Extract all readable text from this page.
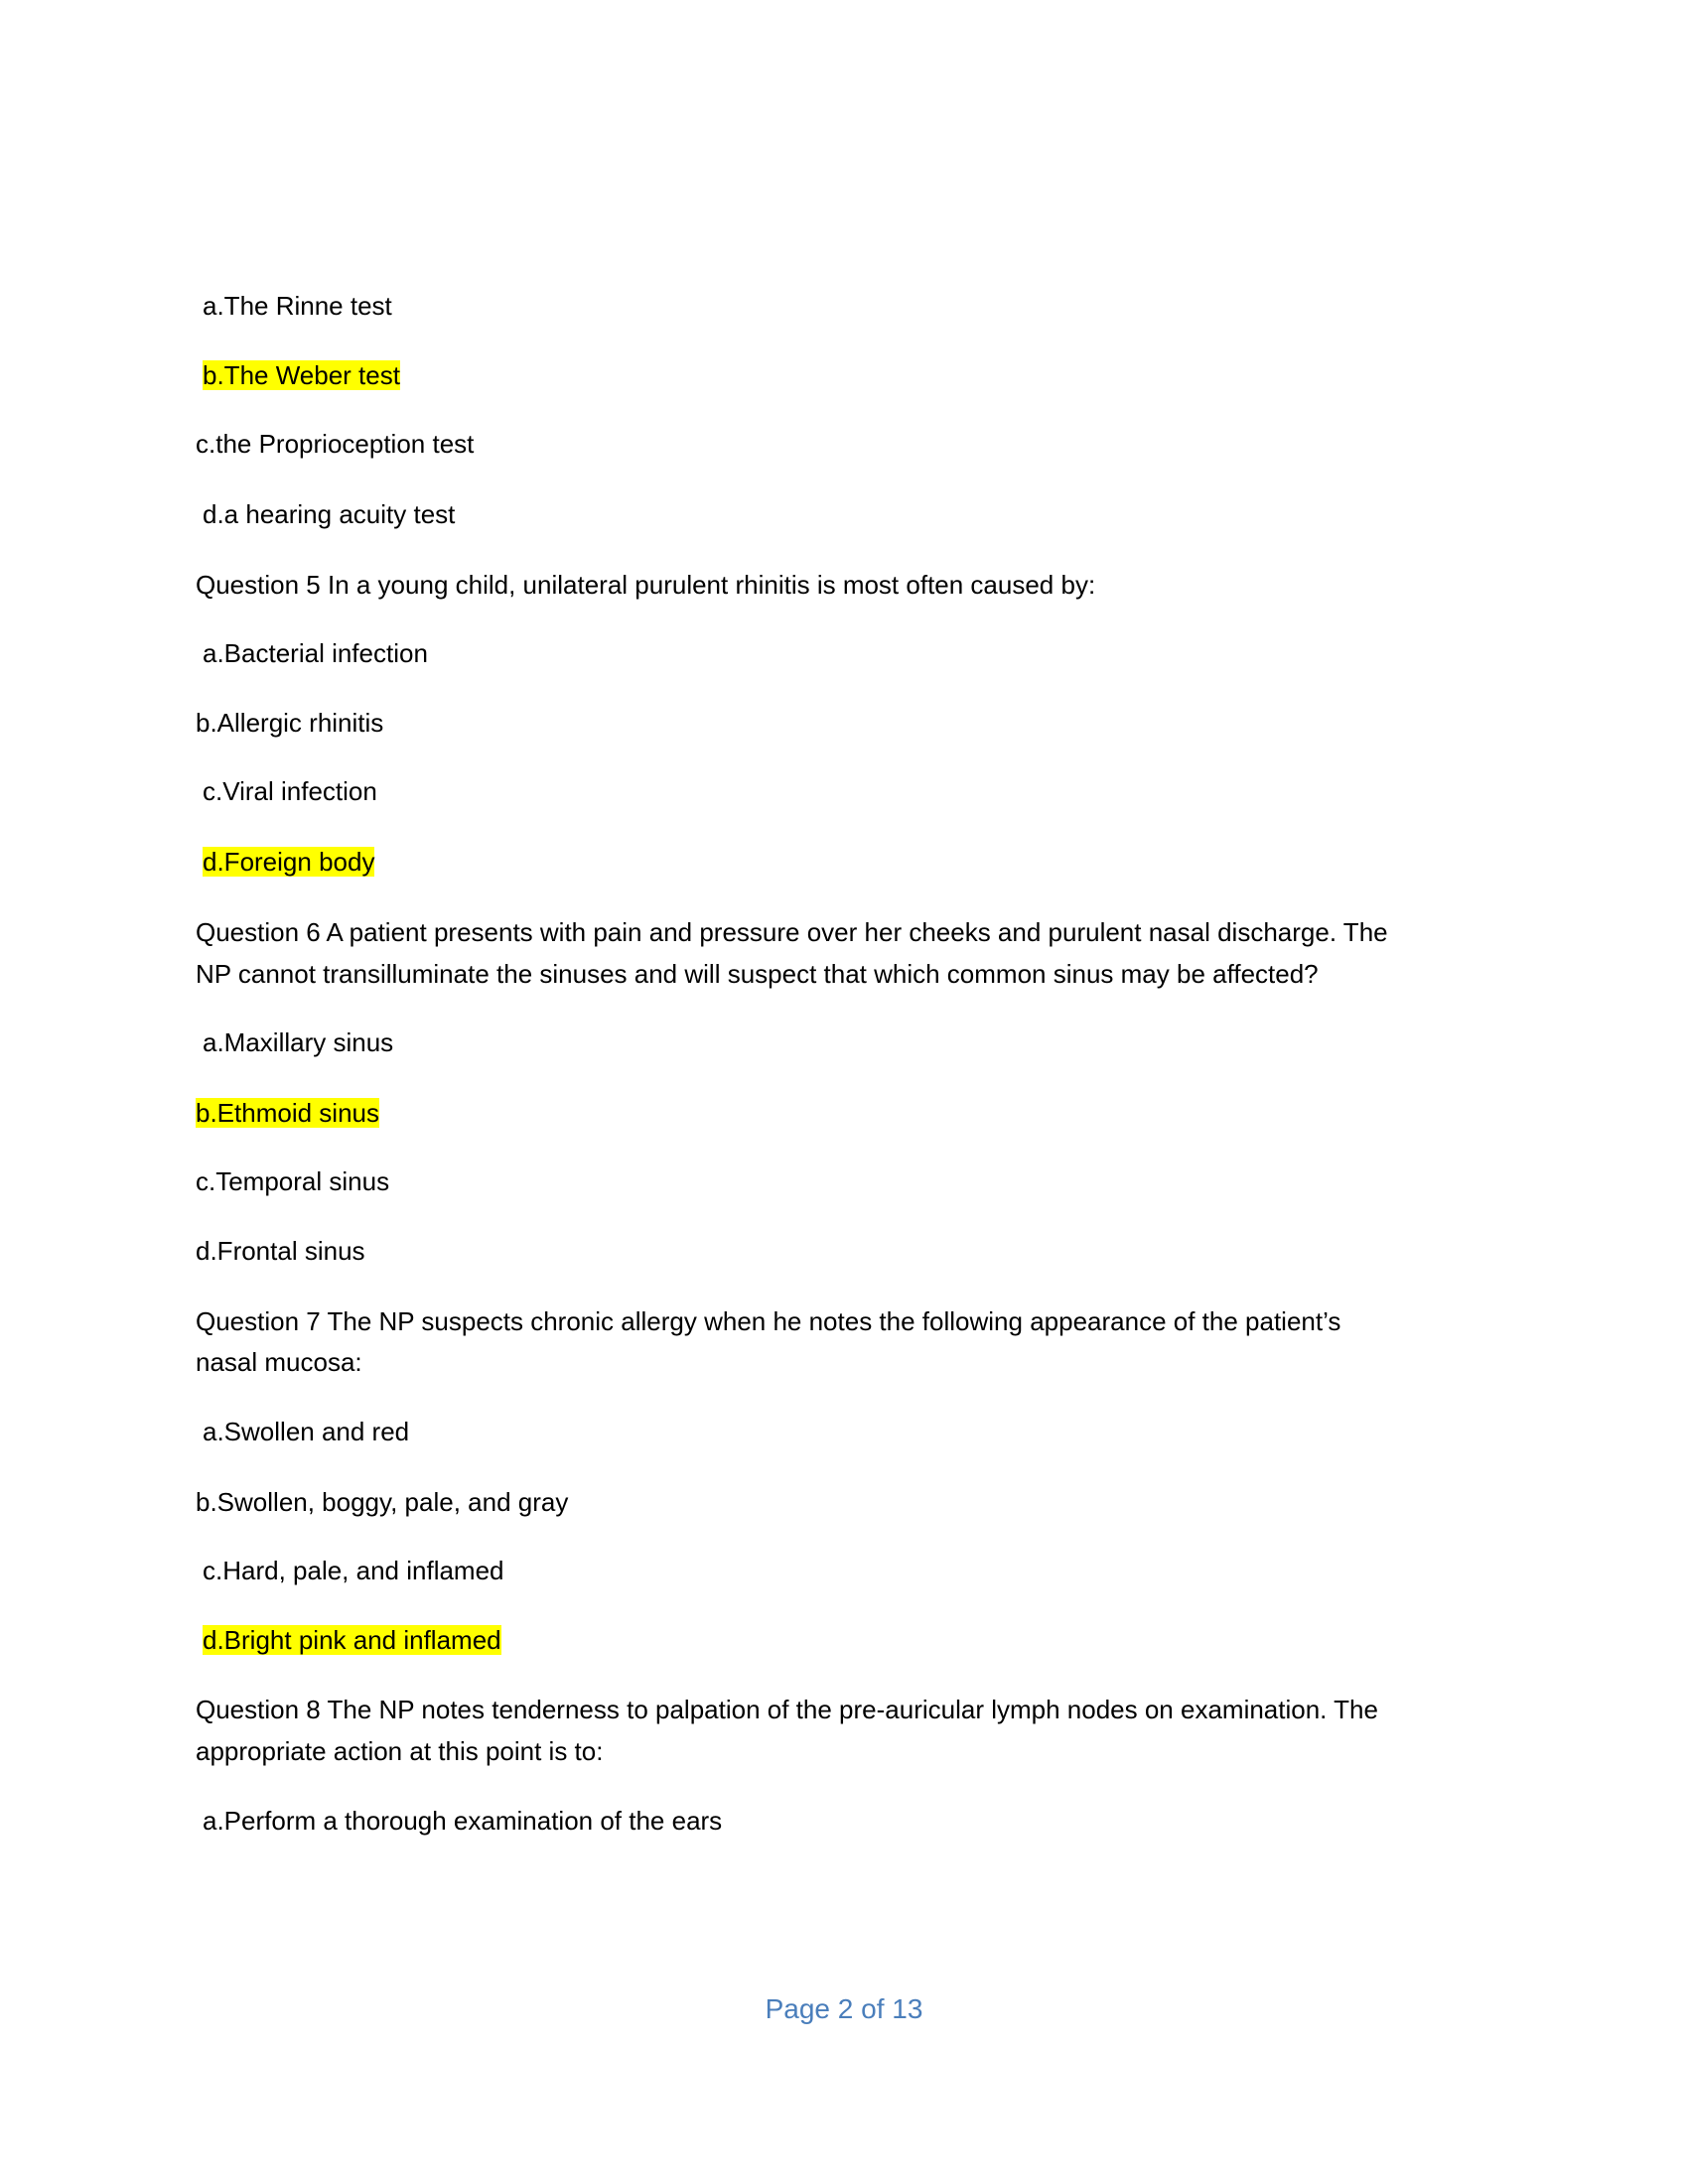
a.The Rinne test
b.The Weber test
c.the Proprioception test
d.a hearing acuity test
Question 5 In a young child, unilateral purulent rhinitis is most often caused by:
a.Bacterial infection
b.Allergic rhinitis
c.Viral infection
d.Foreign body
Question 6 A patient presents with pain and pressure over her cheeks and purulent nasal discharge. The
NP cannot transilluminate the sinuses and will suspect that which common sinus may be affected?
a.Maxillary sinus
b.Ethmoid sinus
c.Temporal sinus
d.Frontal sinus
Question 7 The NP suspects chronic allergy when he notes the following appearance of the patient’s
nasal mucosa:
a.Swollen and red
b.Swollen, boggy, pale, and gray
c.Hard, pale, and inflamed
d.Bright pink and inflamed
Question 8 The NP notes tenderness to palpation of the pre-auricular lymph nodes on examination. The
appropriate action at this point is to:
a.Perform a thorough examination of the ears
Page 2 of 13
